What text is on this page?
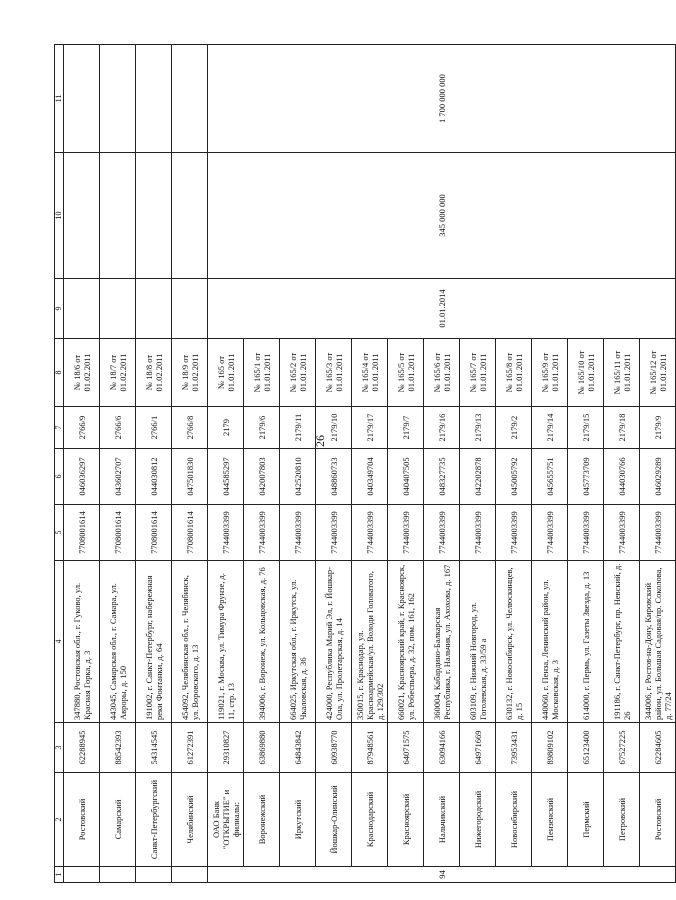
26
1	2	3	4	5	6	7	8	9	10	11
	Ростовский	62288945	347880, Ростовская обл., г. Гуково, ул. Красная Горка, д. 3	7708001614	046036297	2766/9	№ 18/6 от 01.02.2011			
	Самарский	88542393	443045, Самарская обл., г. Самара, ул. Авроры, д. 150	7708001614	043602707	2766/6	№ 18/7 от 01.02.2011			
	Санкт-Петербургский	54314545	191002, г. Санкт-Петербург, набережная реки Фонтанки, д. 64	7708001614	044030812	2766/1	№ 18/8 от 01.02.2011			
	Челябинский	61272391	454092, Челябинская обл., г. Челябинск, ул. Воровского, д. 13	7708001614	047501830	2766/8	№ 18/9 от 01.02.2011			
94	ОАО Банк "ОТКРЫТИЕ" и филиалы:	29310827	119021, г. Москва, ул. Тимура Фрунзе, д. 11, стр. 13	7744003399	044585297	2179	№ 165 от 01.01.2011	01.01.2014	345 000 000	1 700 000 000
	Воронежский	63869880	394006, г. Воронеж, ул. Кольцовская, д. 76	7744003399	042007803	2179/6	№ 165/1 от 01.01.2011			
	Иркутский	64843842	664025, Иркутская обл., г. Иркутск, ул. Чкаловская, д. 36	7744003399	042520810	2179/11	№ 165/2 от 01.01.2011			
	Йошкар-Олинский	60938770	424000, Республика Марий Эл, г. Йошкар-Ола, ул. Пролетарская, д. 14	7744003399	048860733	2179/10	№ 165/3 от 01.01.2011			
	Краснодарский	87948561	350015, г. Краснодар, ул. Красноармейская/ул. Володи Головатого, д. 129/302	7744003399	040349704	2179/17	№ 165/4 от 01.01.2011			
	Красноярский	64071575	660021, Красноярский край, г. Красноярск, ул. Робеспьера, д. 32, пом. 161, 162	7744003399	040407505	2179/7	№ 165/5 от 01.01.2011			
	Нальчикский	63094166	360004, Кабардино-Балкарская Республика, г. Нальчик, ул. Ахохова, д. 167	7744003399	048327735	2179/16	№ 165/6 от 01.01.2011			
	Нижегородский	64971669	603109, г. Нижний Новгород, ул. Гоголевская, д. 33/59 а	7744003399	042202878	2179/13	№ 165/7 от 01.01.2011			
	Новосибирский	73953431	630132, г. Новосибирск, ул. Челюскинцев, д. 15	7744003399	045005792	2179/2	№ 165/8 от 01.01.2011			
	Пензенский	89809102	440060, г. Пенза, Ленинский район, ул. Московская, д. 3	7744003399	045655751	2179/14	№ 165/9 от 01.01.2011			
	Пермский	65123400	614000, г. Пермь, ул. Газеты Звезда, д. 13	7744003399	045773709	2179/15	№ 165/10 от 01.01.2011			
	Петровский	67527225	191186, г. Санкт-Петербург, пр. Невский, д. 26	7744003399	044030766	2179/18	№ 165/11 от 01.01.2011			
	Ростовский	62284605	344006, г. Ростов-на-Дону, Кировский район, ул. Большая Садовая/пр. Соколова, д. 77/24	7744003399	046029289	2179/9	№ 165/12 от 01.01.2011			
